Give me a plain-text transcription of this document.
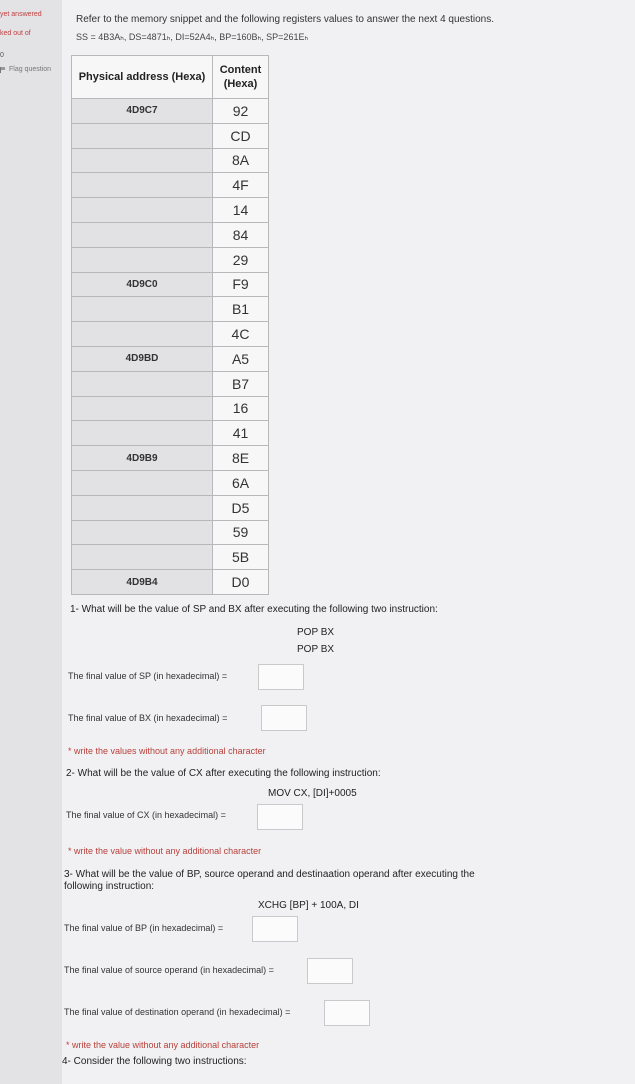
yet answered
ked out of
0
Flag question
Refer to the memory snippet and the following registers values to answer the next 4 questions.
SS = 4B3Aₕ, DS=4871ₕ, DI=52A4ₕ, BP=160Bₕ, SP=261Eₕ
Physical address (Hexa)	Content (Hexa)
4D9C7	92
	CD
	8A
	4F
	14
	84
	29
4D9C0	F9
	B1
	4C
4D9BD	A5
	B7
	16
	41
4D9B9	8E
	6A
	D5
	59
	5B
4D9B4	D0
1- What will be the value of SP and BX after executing the following two instruction:
POP BX
POP BX
The final value of SP (in hexadecimal) =
The final value of BX (in hexadecimal) =
* write the values without any additional character
2- What will be the value of CX after executing the following instruction:
MOV CX, [DI]+0005
The final value of CX (in hexadecimal) =
* write the value without any additional character
3- What will be the value of BP, source operand and destinaation operand after executing the
following instruction:
XCHG [BP] + 100A, DI
The final value of BP (in hexadecimal) =
The final value of source operand (in hexadecimal) =
The final value of destination operand (in hexadecimal) =
* write the value without any additional character
4- Consider the following two instructions:
